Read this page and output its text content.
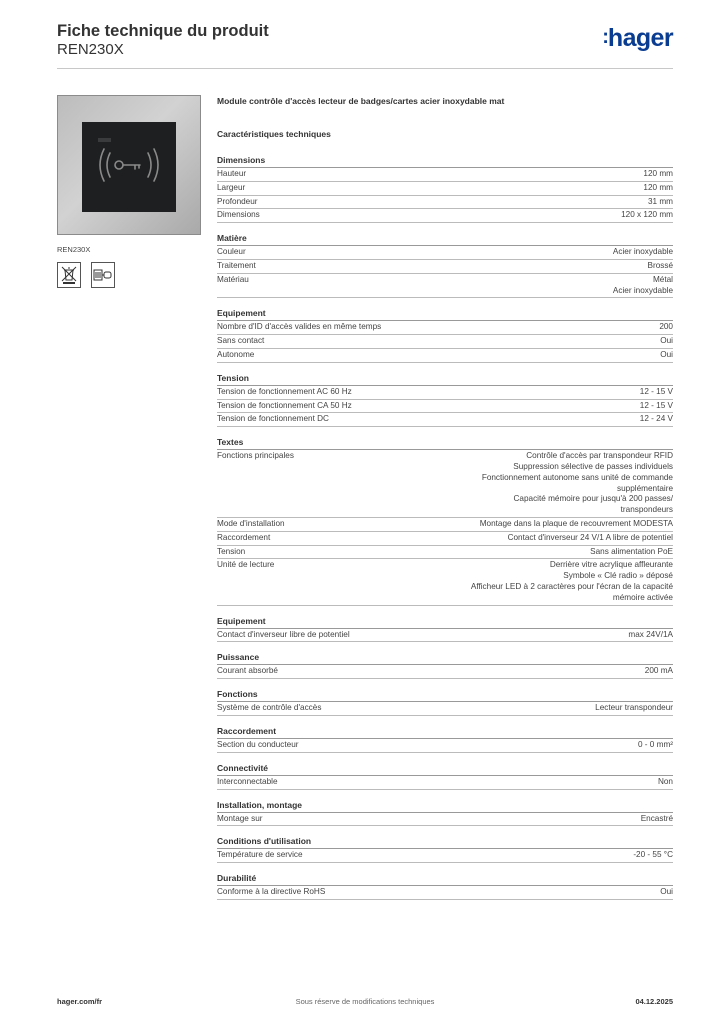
Fiche technique du produit
REN230X
:hager
REN230X
Module contrôle d'accès lecteur de badges/cartes acier inoxydable mat
Caractéristiques techniques
Dimensions
Hauteur	120 mm
Largeur	120 mm
Profondeur	31 mm
Dimensions	120 x 120 mm
Matière
Couleur	Acier inoxydable
Traitement	Brossé
Matériau	Métal
Acier inoxydable
Equipement
Nombre d'ID d'accès valides en même temps	200
Sans contact	Oui
Autonome	Oui
Tension
Tension de fonctionnement AC 60 Hz	12 - 15 V
Tension de fonctionnement CA 50 Hz	12 - 15 V
Tension de fonctionnement DC	12 - 24 V
Textes
Fonctions principales	Contrôle d'accès par transpondeur RFID
Suppression sélective de passes individuels
Fonctionnement autonome sans unité de commande
supplémentaire
Capacité mémoire pour jusqu'à 200 passes/
transpondeurs
Mode d'installation	Montage dans la plaque de recouvrement MODESTA
Raccordement	Contact d'inverseur 24 V/1 A libre de potentiel
Tension	Sans alimentation PoE
Unité de lecture	Derrière vitre acrylique affleurante
Symbole « Clé radio » déposé
Afficheur LED à 2 caractères pour l'écran de la capacité
mémoire activée
Equipement
Contact d'inverseur libre de potentiel	max 24V/1A
Puissance
Courant absorbé	200 mA
Fonctions
Système de contrôle d'accès	Lecteur transpondeur
Raccordement
Section du conducteur	0 - 0 mm²
Connectivité
Interconnectable	Non
Installation, montage
Montage sur	Encastré
Conditions d'utilisation
Température de service	-20 - 55 °C
Durabilité
Conforme à la directive RoHS	Oui
hager.com/fr	Sous réserve de modifications techniques	04.12.2025
